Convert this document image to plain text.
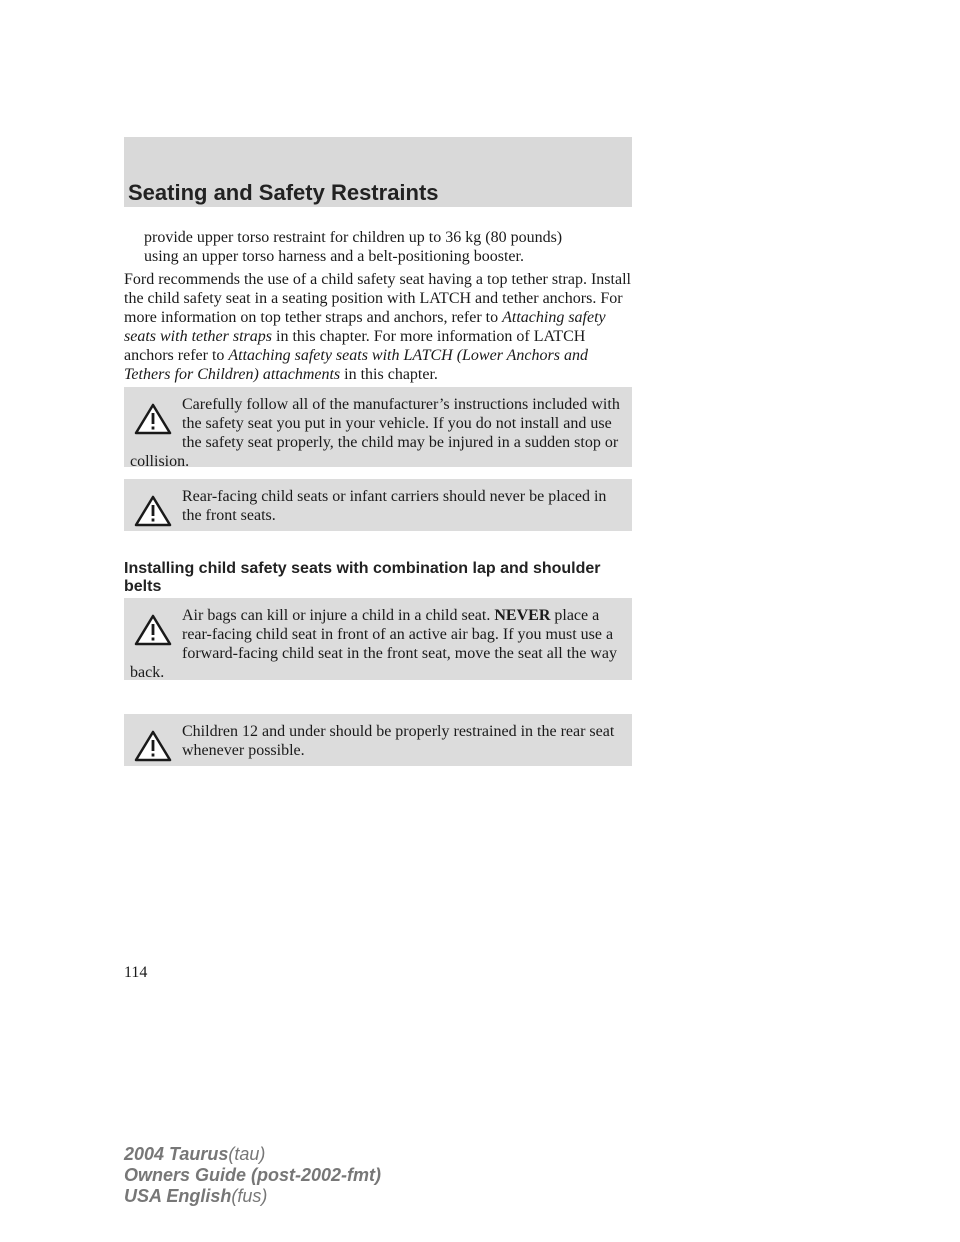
Seating and Safety Restraints

provide upper torso restraint for children up to 36 kg (80 pounds)
using an upper torso harness and a belt-positioning booster.

Ford recommends the use of a child safety seat having a top tether strap. Install the child safety seat in a seating position with LATCH and tether anchors. For more information on top tether straps and anchors, refer to Attaching safety seats with tether straps in this chapter. For more information of LATCH anchors refer to Attaching safety seats with LATCH (Lower Anchors and Tethers for Children) attachments in this chapter.

Carefully follow all of the manufacturer’s instructions included with the safety seat you put in your vehicle. If you do not install and use the safety seat properly, the child may be injured in a sudden stop or collision.
Rear-facing child seats or infant carriers should never be placed in the front seats.
Installing child safety seats with combination lap and shoulder belts
Air bags can kill or injure a child in a child seat. NEVER place a rear-facing child seat in front of an active air bag. If you must use a forward-facing child seat in the front seat, move the seat all the way back.
Children 12 and under should be properly restrained in the rear seat whenever possible.
114
2004 Taurus(tau)
Owners Guide (post-2002-fmt)
USA English(fus)
